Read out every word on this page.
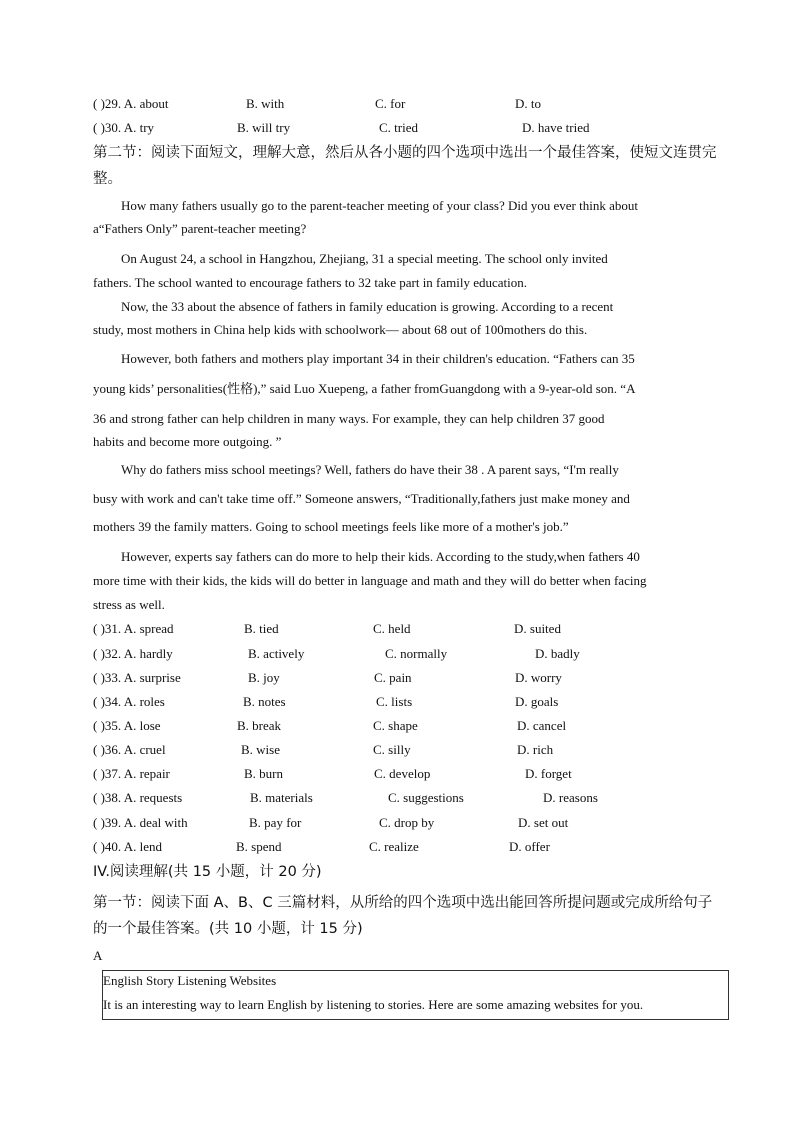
( )29. A. about	B. with	C. for	D. to
( )30. A. try	B. will try	C. tried	D. have tried
第二节：阅读下面短文，理解大意，然后从各小题的四个选项中选出一个最佳答案，使短文连贯完
整。
How many fathers usually go to the parent-teacher meeting of your class? Did you ever think about
a“Fathers Only” parent-teacher meeting?
On August 24, a school in Hangzhou, Zhejiang, 31 a special meeting. The school only invited
fathers. The school wanted to encourage fathers to 32 take part in family education.
Now, the 33 about the absence of fathers in family education is growing. According to a recent
study, most mothers in China help kids with schoolwork— about 68 out of 100mothers do this.
However, both fathers and mothers play important 34 in their children's education. “Fathers can 35
young kids’ personalities(性格),” said Luo Xuepeng, a father fromGuangdong with a 9-year-old son. “A
36 and strong father can help children in many ways. For example, they can help children 37 good
habits and become more outgoing. ”
Why do fathers miss school meetings? Well, fathers do have their 38 . A parent says, “I'm really
busy with work and can't take time off.” Someone answers, “Traditionally,fathers just make money and
mothers 39 the family matters. Going to school meetings feels like more of a mother's job.”
However, experts say fathers can do more to help their kids. According to the study,when fathers 40
more time with their kids, the kids will do better in language and math and they will do better when facing
stress as well.
( )31. A. spread	B. tied	C. held	D. suited
( )32. A. hardly	B. actively	C. normally	D. badly
( )33. A. surprise	B. joy	C. pain	D. worry
( )34. A. roles	B. notes	C. lists	D. goals
( )35. A. lose	B. break	C. shape	D. cancel
( )36. A. cruel	B. wise	C. silly	D. rich
( )37. A. repair	B. burn	C. develop	D. forget
( )38. A. requests	B. materials	C. suggestions	D. reasons
( )39. A. deal with	B. pay for	C. drop by	D. set out
( )40. A. lend	B. spend	C. realize	D. offer
IV.阅读理解(共 15 小题，计 20 分)
第一节：阅读下面 A、B、C 三篇材料，从所给的四个选项中选出能回答所提问题或完成所给句子
的一个最佳答案。(共 10 小题，计 15 分)
A
English Story Listening Websites
It is an interesting way to learn English by listening to stories. Here are some amazing websites for you.
